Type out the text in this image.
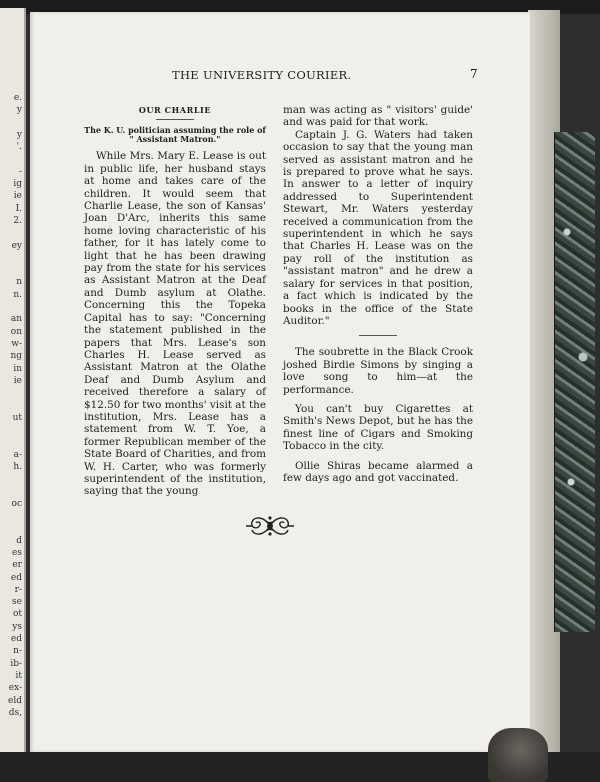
e.
y
y
'.
-
ig
ie
I.
2.
ey
n
n.
an
on
w-
ng
in
ie
ut
a-
h.
oc
d
es
er
ed
r-
se
ot
ys
ed
n-
ib-
it
ex-
eld
ds,
THE UNIVERSITY COURIER.	7

OUR CHARLIE

The K. U. politician assuming the role of
" Assistant Matron."

While Mrs. Mary E. Lease is out in public life, her husband stays at home and takes care of the children. It would seem that Charlie Lease, the son of Kansas' Joan D'Arc, inherits this same home loving characteristic of his father, for it has lately come to light that he has been drawing pay from the state for his services as Assistant Matron at the Deaf and Dumb asylum at Olathe. Concerning this the Topeka Capital has to say: "Concerning the statement published in the papers that Mrs. Lease's son Charles H. Lease served as Assistant Matron at the Olathe Deaf and Dumb Asylum and received therefore a salary of $12.50 for two months' visit at the institution, Mrs. Lease has a statement from W. T. Yoe, a former Republican member of the State Board of Charities, and from W. H. Carter, who was formerly superintendent of the institution, saying that the young

man was acting as " visitors' guide' and was paid for that work.

Captain J. G. Waters had taken occasion to say that the young man served as assistant matron and he is prepared to prove what he says. In answer to a letter of inquiry addressed to Superintendent Stewart, Mr. Waters yesterday received a communication from the superintendent in which he says that Charles H. Lease was on the pay roll of the institution as "assistant matron" and he drew a salary for services in that position, a fact which is indicated by the books in the office of the State Auditor."

The soubrette in the Black Crook joshed Birdie Simons by singing a love song to him—at the performance.

You can't buy Cigarettes at Smith's News Depot, but he has the finest line of Cigars and Smoking Tobacco in the city.

Ollie Shiras became alarmed a few days ago and got vaccinated.
